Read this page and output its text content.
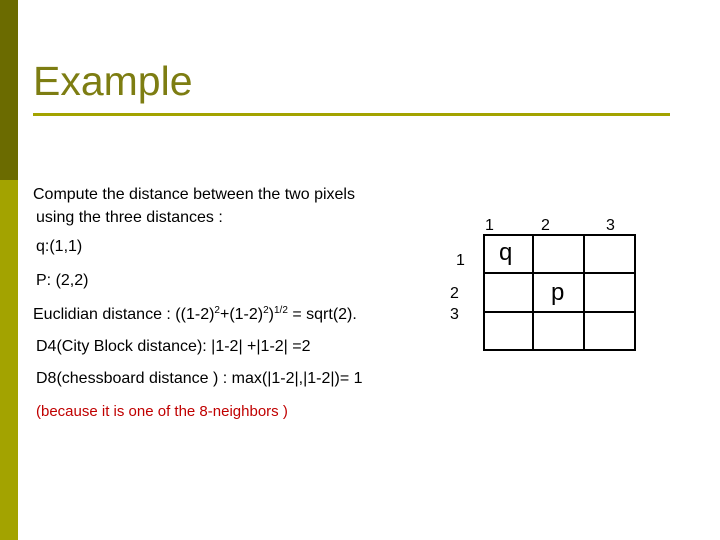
Example
Compute the distance between the two pixels
using the three distances :
q:(1,1)
P: (2,2)
Euclidian distance : $((1-2)^2+(1-2)^2)^{1/2}$ = sqrt(2).
D4(City Block distance): |1-2| +|1-2| =2
D8(chessboard distance ) : max(|1-2|,|1-2|)= 1
(because it is one of the 8-neighbors )
1	2	3
1
2
3
q
p
